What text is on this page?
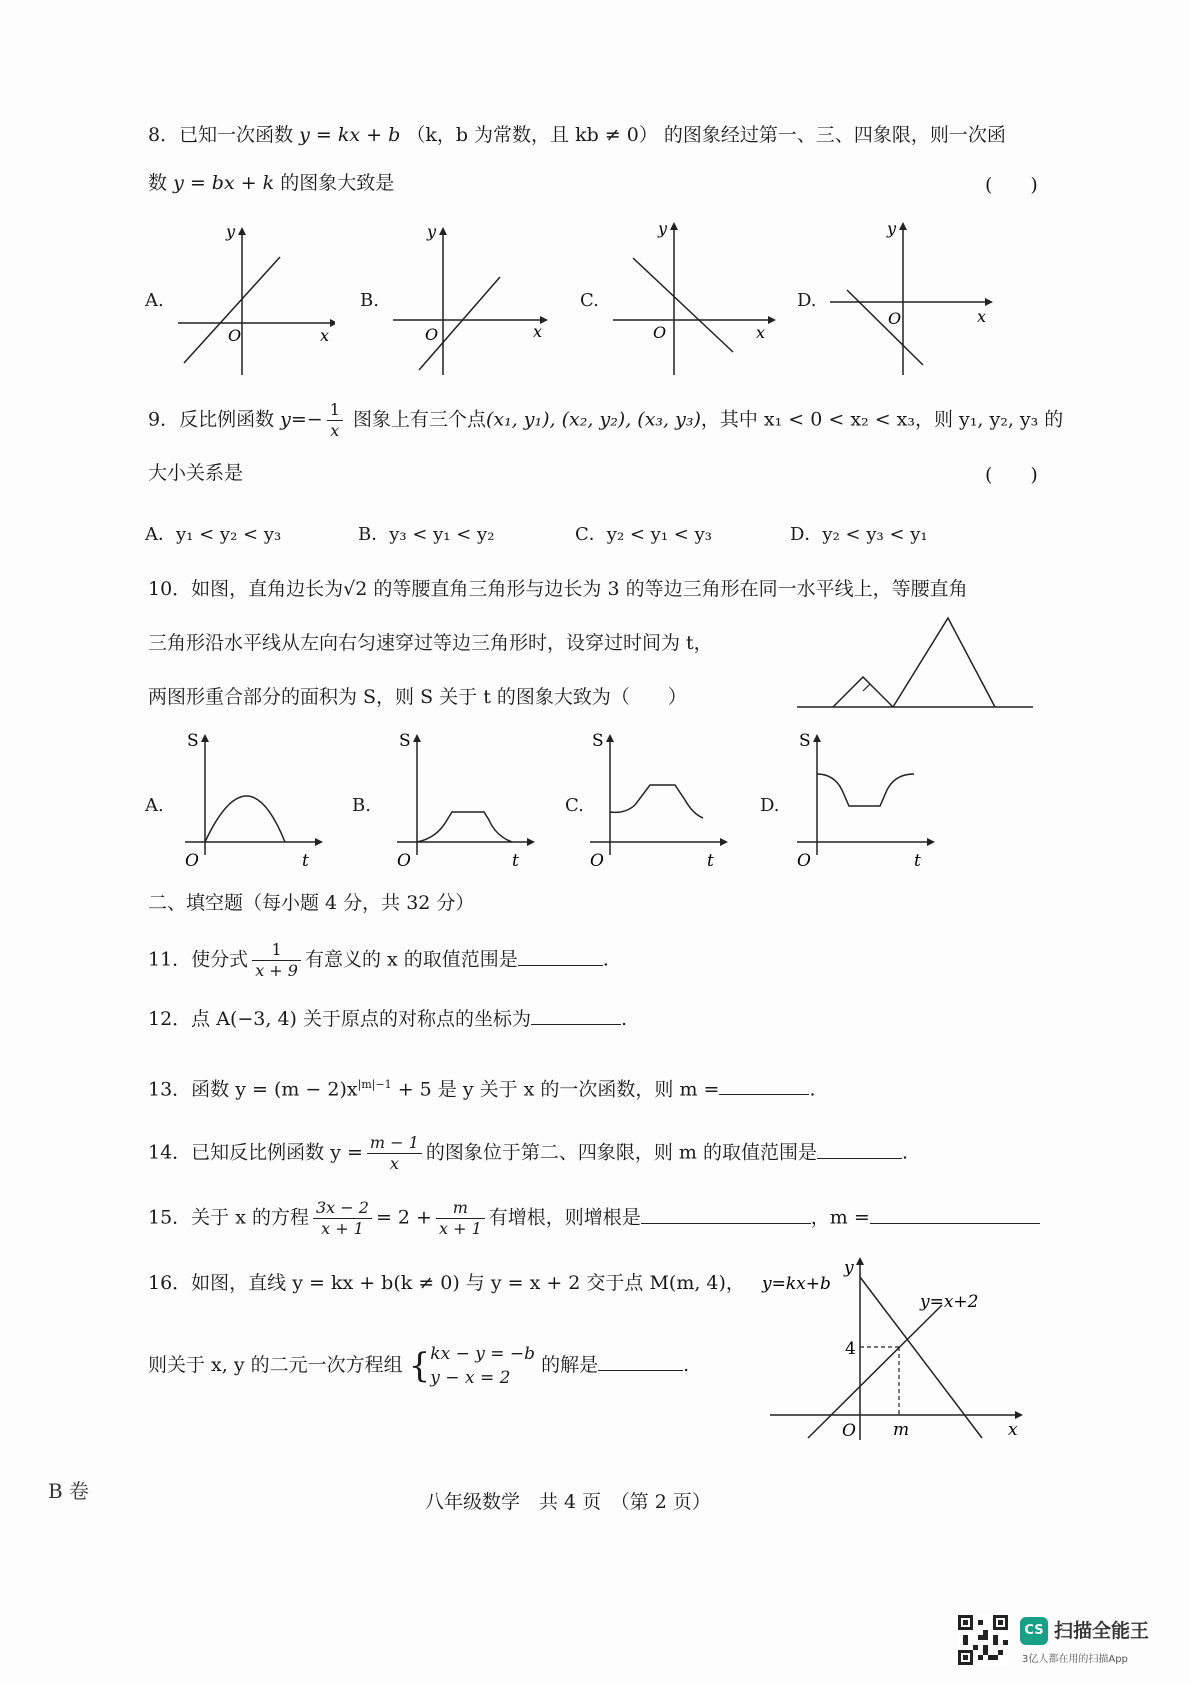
8．已知一次函数 y = kx + b （k，b 为常数，且 kb ≠ 0） 的图象经过第一、三、四象限，则一次函
数 y = bx + k 的图象大致是	(　　)
A.	B.	C.	D.
O	x
y
O	x
y
O	x
y
O	x
y
9．反比例函数 $y=- \frac{1}{x}$ 图象上有三个点(x₁, y₁), (x₂, y₂), (x₃, y₃)，其中 x₁ < 0 < x₂ < x₃，则 y₁, y₂, y₃ 的
大小关系是	(　　)
A．y₁ < y₂ < y₃	B．y₃ < y₁ < y₂	C．y₂ < y₁ < y₃	D．y₂ < y₃ < y₁
10．如图，直角边长为√2 的等腰直角三角形与边长为 3 的等边三角形在同一水平线上，等腰直角
三角形沿水平线从左向右匀速穿过等边三角形时，设穿过时间为 t，
两图形重合部分的面积为 S，则 S 关于 t 的图象大致为（　　）
A.	B.	C.	D.
O	t
S
O	t
S
O	t
S
O	t
S
二、填空题（每小题 4 分，共 32 分）
11．使分式 $\frac{1}{x + 9}$ 有意义的 x 的取值范围是	.
12．点 A(−3, 4) 关于原点的对称点的坐标为	.
13．函数 $y = (m - 2)x^{|m|-1} + 5$ 是 y 关于 x 的一次函数，则 m =	.
14．已知反比例函数 $y = \frac{m - 1}{x}$ 的图象位于第二、四象限，则 m 的取值范围是	.
15．关于 x 的方程 $\frac{3x - 2}{x + 1} = 2 + \frac{m}{x + 1}$ 有增根，则增根是	，m =
16．如图，直线 y = kx + b(k ≠ 0) 与 y = x + 2 交于点 M(m, 4)，
则关于 x, y 的二元一次方程组 { kx − y = −b
y − x = 2
的解是	.
y=kx+b
y=x+2
4
m
O	x
y
B 卷	八年级数学　共 4 页　（第 2 页）
CS 扫描全能王
3亿人都在用的扫描App
